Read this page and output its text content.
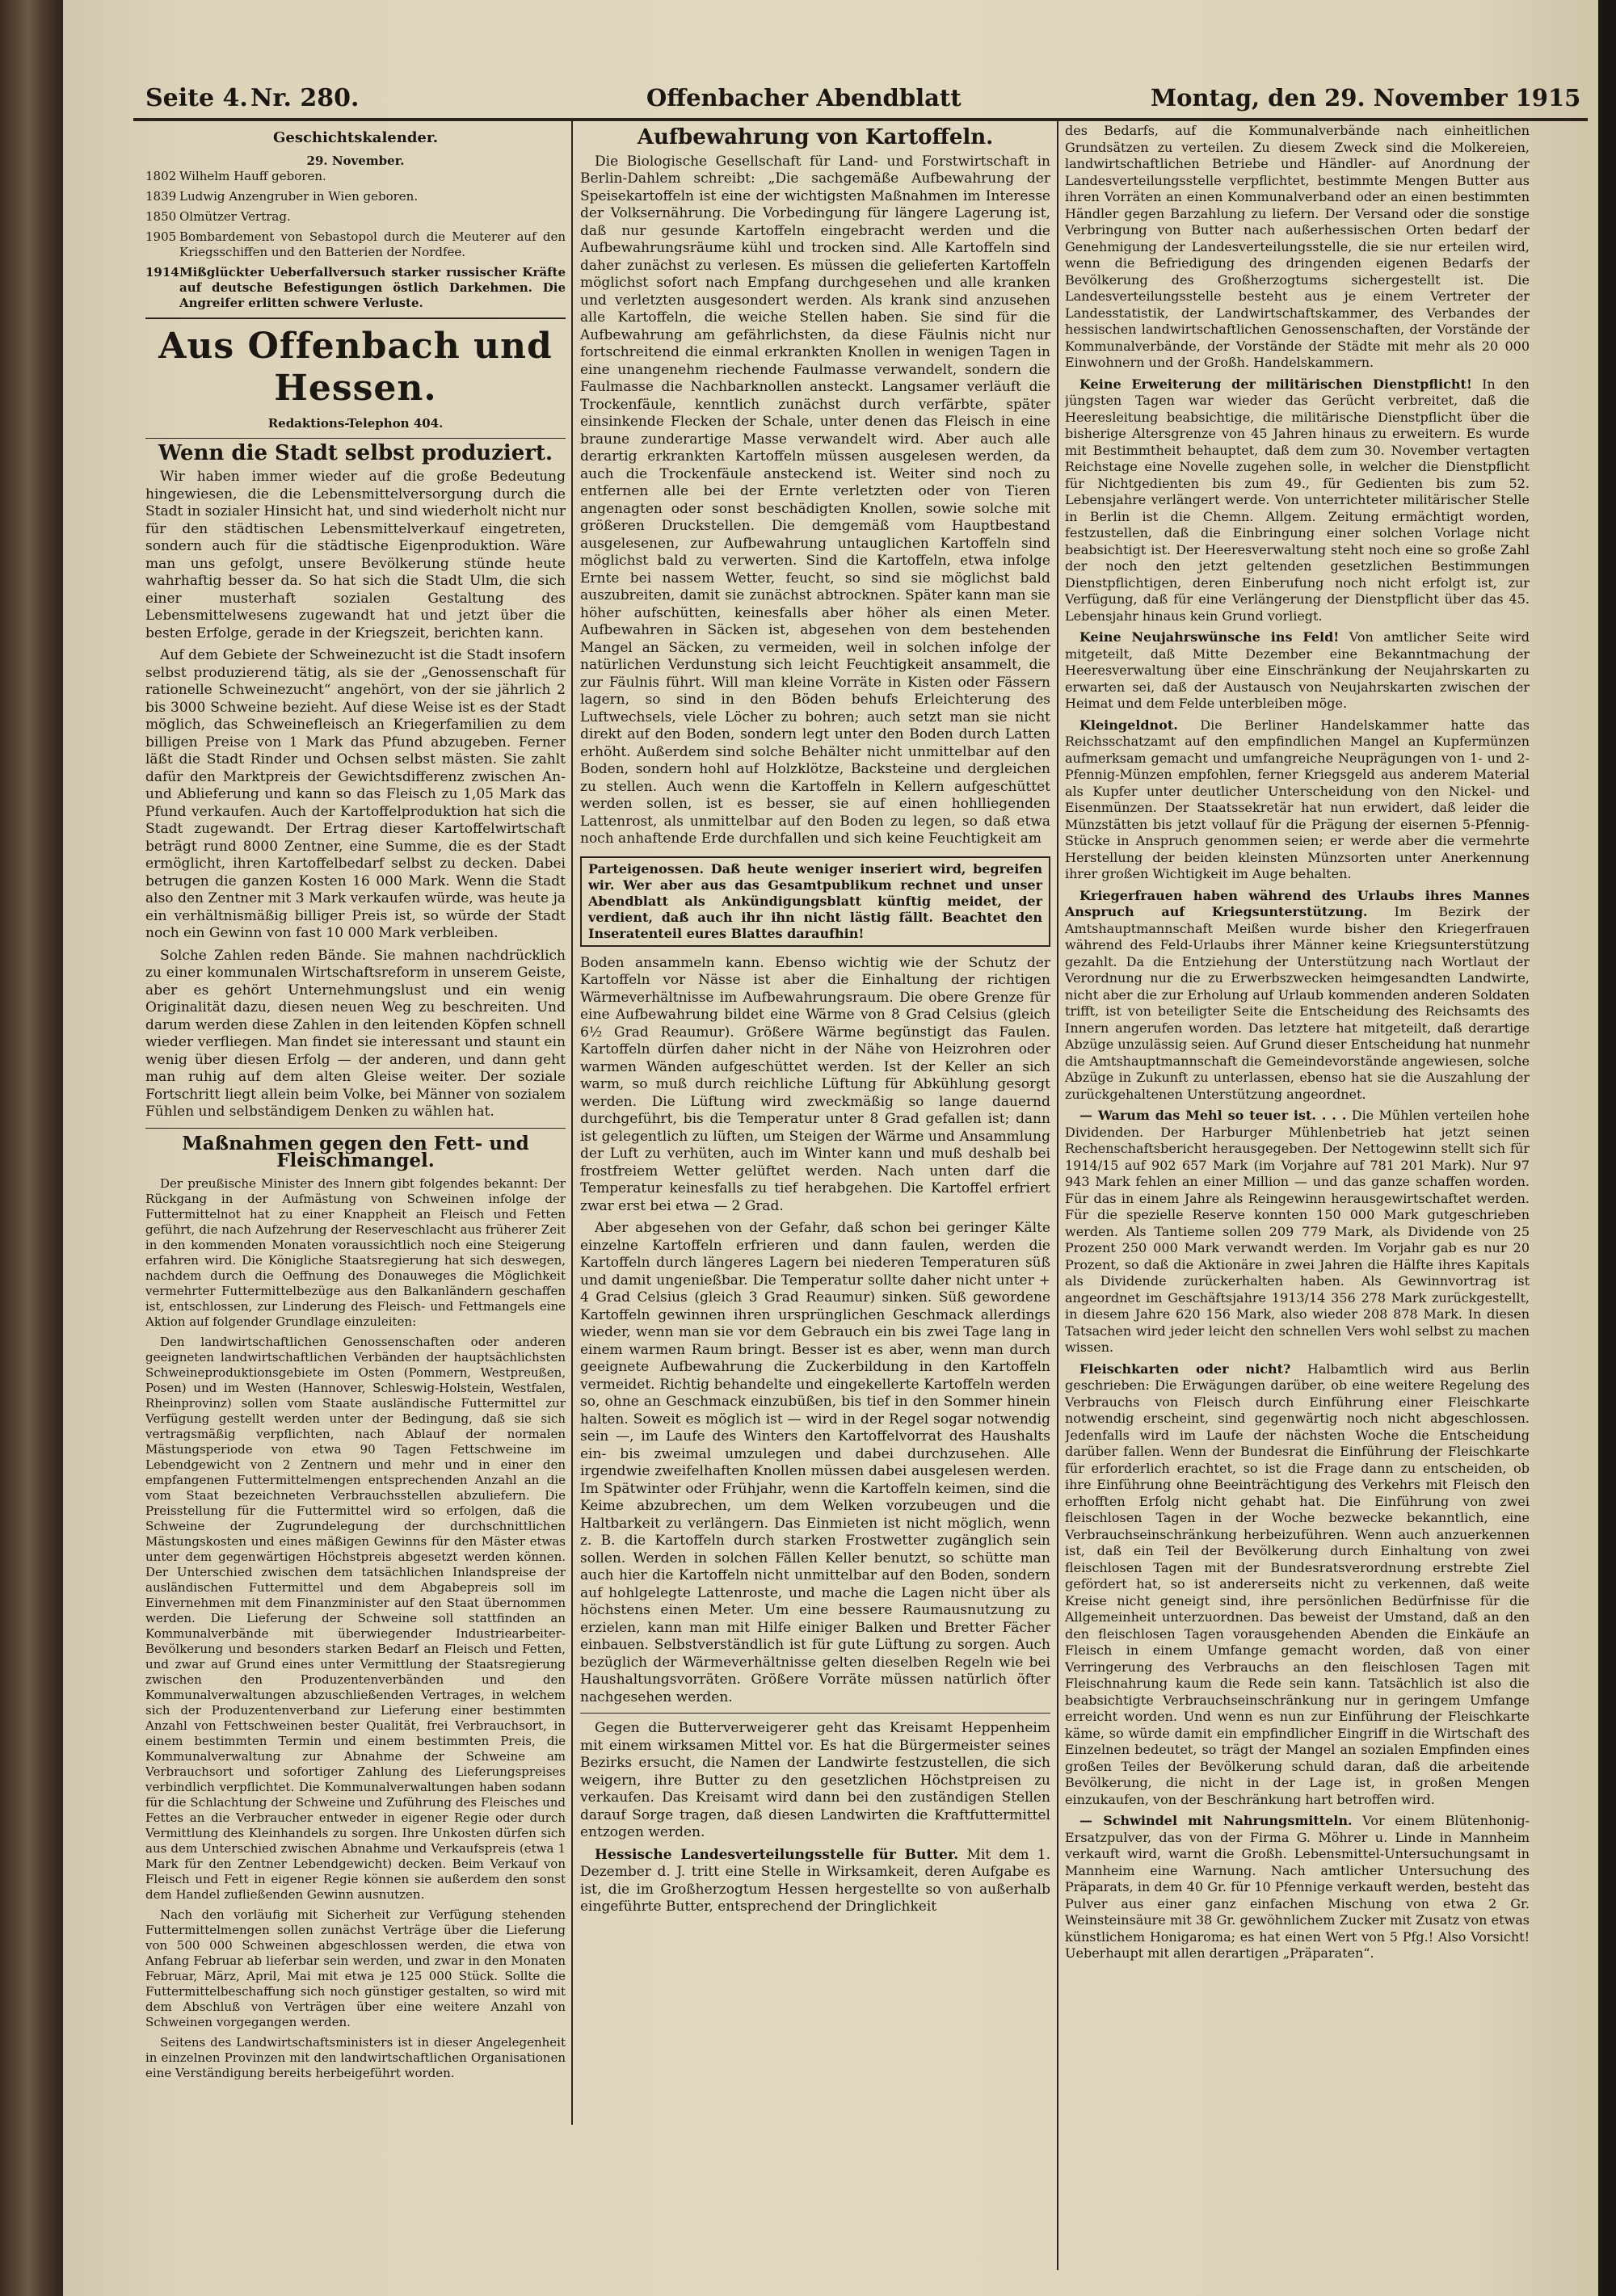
Seite 4. Nr. 280.	Offenbacher Abendblatt	Montag, den 29. November 1915
Geschichtskalender.
29. November.

1802 Wilhelm Hauff geboren.

1839 Ludwig Anzengruber in Wien geboren.

1850 Olmützer Vertrag.

1905 Bombardement von Sebastopol durch die Meuterer auf den Kriegsschiffen und den Batterien der Nordfee.

1914 Mißglückter Ueberfallversuch starker russischer Kräfte auf deutsche Befestigungen östlich Darkehmen. Die Angreifer erlitten schwere Verluste.

Aus Offenbach und Hessen.
Redaktions-Telephon 404.
Wenn die Stadt selbst produziert.

Wir haben immer wieder auf die große Bedeutung hingewiesen, die die Lebensmittelversorgung durch die Stadt in sozialer Hinsicht hat, und sind wiederholt nicht nur für den städtischen Lebensmittelverkauf eingetreten, sondern auch für die städtische Eigenproduktion. Wäre man uns gefolgt, unsere Bevölkerung stünde heute wahrhaftig besser da. So hat sich die Stadt Ulm, die sich einer musterhaft sozialen Gestaltung des Lebensmittelwesens zugewandt hat und jetzt über die besten Erfolge, gerade in der Kriegszeit, berichten kann.

Auf dem Gebiete der Schweinezucht ist die Stadt insofern selbst produzierend tätig, als sie der „Genossenschaft für rationelle Schweinezucht“ angehört, von der sie jährlich 2 bis 3000 Schweine bezieht. Auf diese Weise ist es der Stadt möglich, das Schweinefleisch an Kriegerfamilien zu dem billigen Preise von 1 Mark das Pfund abzugeben. Ferner läßt die Stadt Rinder und Ochsen selbst mästen. Sie zahlt dafür den Marktpreis der Gewichtsdifferenz zwischen An- und Ablieferung und kann so das Fleisch zu 1,05 Mark das Pfund verkaufen. Auch der Kartoffelproduktion hat sich die Stadt zugewandt. Der Ertrag dieser Kartoffelwirtschaft beträgt rund 8000 Zentner, eine Summe, die es der Stadt ermöglicht, ihren Kartoffelbedarf selbst zu decken. Dabei betrugen die ganzen Kosten 16 000 Mark. Wenn die Stadt also den Zentner mit 3 Mark verkaufen würde, was heute ja ein verhältnismäßig billiger Preis ist, so würde der Stadt noch ein Gewinn von fast 10 000 Mark verbleiben.

Solche Zahlen reden Bände. Sie mahnen nachdrücklich zu einer kommunalen Wirtschaftsreform in unserem Geiste, aber es gehört Unternehmungslust und ein wenig Originalität dazu, diesen neuen Weg zu beschreiten. Und darum werden diese Zahlen in den leitenden Köpfen schnell wieder verfliegen. Man findet sie interessant und staunt ein wenig über diesen Erfolg — der anderen, und dann geht man ruhig auf dem alten Gleise weiter. Der soziale Fortschritt liegt allein beim Volke, bei Männer von sozialem Fühlen und selbständigem Denken zu wählen hat.

Maßnahmen gegen den Fett- und Fleischmangel.

Der preußische Minister des Innern gibt folgendes bekannt: Der Rückgang in der Aufmästung von Schweinen infolge der Futtermittelnot hat zu einer Knappheit an Fleisch und Fetten geführt, die nach Aufzehrung der Reserveschlacht aus früherer Zeit in den kommenden Monaten voraussichtlich noch eine Steigerung erfahren wird. Die Königliche Staatsregierung hat sich deswegen, nachdem durch die Oeffnung des Donauweges die Möglichkeit vermehrter Futtermittelbezüge aus den Balkanländern geschaffen ist, entschlossen, zur Linderung des Fleisch- und Fettmangels eine Aktion auf folgender Grundlage einzuleiten:

Den landwirtschaftlichen Genossenschaften oder anderen geeigneten landwirtschaftlichen Verbänden der hauptsächlichsten Schweineproduktionsgebiete im Osten (Pommern, Westpreußen, Posen) und im Westen (Hannover, Schleswig-Holstein, Westfalen, Rheinprovinz) sollen vom Staate ausländische Futtermittel zur Verfügung gestellt werden unter der Bedingung, daß sie sich vertragsmäßig verpflichten, nach Ablauf der normalen Mästungsperiode von etwa 90 Tagen Fettschweine im Lebendgewicht von 2 Zentnern und mehr und in einer den empfangenen Futtermittelmengen entsprechenden Anzahl an die vom Staat bezeichneten Verbrauchsstellen abzuliefern. Die Preisstellung für die Futtermittel wird so erfolgen, daß die Schweine der Zugrundelegung der durchschnittlichen Mästungskosten und eines mäßigen Gewinns für den Mäster etwas unter dem gegenwärtigen Höchstpreis abgesetzt werden können. Der Unterschied zwischen dem tatsächlichen Inlandspreise der ausländischen Futtermittel und dem Abgabepreis soll im Einvernehmen mit dem Finanzminister auf den Staat übernommen werden. Die Lieferung der Schweine soll stattfinden an Kommunalverbände mit überwiegender Industriearbeiter-Bevölkerung und besonders starken Bedarf an Fleisch und Fetten, und zwar auf Grund eines unter Vermittlung der Staatsregierung zwischen den Produzentenverbänden und den Kommunalverwaltungen abzuschließenden Vertrages, in welchem sich der Produzentenverband zur Lieferung einer bestimmten Anzahl von Fettschweinen bester Qualität, frei Verbrauchsort, in einem bestimmten Termin und einem bestimmten Preis, die Kommunalverwaltung zur Abnahme der Schweine am Verbrauchsort und sofortiger Zahlung des Lieferungspreises verbindlich verpflichtet. Die Kommunalverwaltungen haben sodann für die Schlachtung der Schweine und Zuführung des Fleisches und Fettes an die Verbraucher entweder in eigener Regie oder durch Vermittlung des Kleinhandels zu sorgen. Ihre Unkosten dürfen sich aus dem Unterschied zwischen Abnahme und Verkaufspreis (etwa 1 Mark für den Zentner Lebendgewicht) decken. Beim Verkauf von Fleisch und Fett in eigener Regie können sie außerdem den sonst dem Handel zufließenden Gewinn ausnutzen.

Nach den vorläufig mit Sicherheit zur Verfügung stehenden Futtermittelmengen sollen zunächst Verträge über die Lieferung von 500 000 Schweinen abgeschlossen werden, die etwa von Anfang Februar ab lieferbar sein werden, und zwar in den Monaten Februar, März, April, Mai mit etwa je 125 000 Stück. Sollte die Futtermittelbeschaffung sich noch günstiger gestalten, so wird mit dem Abschluß von Verträgen über eine weitere Anzahl von Schweinen vorgegangen werden.

Seitens des Landwirtschaftsministers ist in dieser Angelegenheit in einzelnen Provinzen mit den landwirtschaftlichen Organisationen eine Verständigung bereits herbeigeführt worden.

Aufbewahrung von Kartoffeln.

Die Biologische Gesellschaft für Land- und Forstwirtschaft in Berlin-Dahlem schreibt: „Die sachgemäße Aufbewahrung der Speisekartoffeln ist eine der wichtigsten Maßnahmen im Interesse der Volksernährung. Die Vorbedingung für längere Lagerung ist, daß nur gesunde Kartoffeln eingebracht werden und die Aufbewahrungsräume kühl und trocken sind. Alle Kartoffeln sind daher zunächst zu verlesen. Es müssen die gelieferten Kartoffeln möglichst sofort nach Empfang durchgesehen und alle kranken und verletzten ausgesondert werden. Als krank sind anzusehen alle Kartoffeln, die weiche Stellen haben. Sie sind für die Aufbewahrung am gefährlichsten, da diese Fäulnis nicht nur fortschreitend die einmal erkrankten Knollen in wenigen Tagen in eine unangenehm riechende Faulmasse verwandelt, sondern die Faulmasse die Nachbarknollen ansteckt. Langsamer verläuft die Trockenfäule, kenntlich zunächst durch verfärbte, später einsinkende Flecken der Schale, unter denen das Fleisch in eine braune zunderartige Masse verwandelt wird. Aber auch alle derartig erkrankten Kartoffeln müssen ausgelesen werden, da auch die Trockenfäule ansteckend ist. Weiter sind noch zu entfernen alle bei der Ernte verletzten oder von Tieren angenagten oder sonst beschädigten Knollen, sowie solche mit größeren Druckstellen. Die demgemäß vom Hauptbestand ausgelesenen, zur Aufbewahrung untauglichen Kartoffeln sind möglichst bald zu verwerten. Sind die Kartoffeln, etwa infolge Ernte bei nassem Wetter, feucht, so sind sie möglichst bald auszubreiten, damit sie zunächst abtrocknen. Später kann man sie höher aufschütten, keinesfalls aber höher als einen Meter. Aufbewahren in Säcken ist, abgesehen von dem bestehenden Mangel an Säcken, zu vermeiden, weil in solchen infolge der natürlichen Verdunstung sich leicht Feuchtigkeit ansammelt, die zur Fäulnis führt. Will man kleine Vorräte in Kisten oder Fässern lagern, so sind in den Böden behufs Erleichterung des Luftwechsels, viele Löcher zu bohren; auch setzt man sie nicht direkt auf den Boden, sondern legt unter den Boden durch Latten erhöht. Außerdem sind solche Behälter nicht unmittelbar auf den Boden, sondern hohl auf Holzklötze, Backsteine und dergleichen zu stellen. Auch wenn die Kartoffeln in Kellern aufgeschüttet werden sollen, ist es besser, sie auf einen hohlliegenden Lattenrost, als unmittelbar auf den Boden zu legen, so daß etwa noch anhaftende Erde durchfallen und sich keine Feuchtigkeit am

Parteigenossen. Daß heute weniger inseriert wird, begreifen wir. Wer aber aus das Gesamtpublikum rechnet und unser Abendblatt als Ankündigungsblatt künftig meidet, der verdient, daß auch ihr ihn nicht lästig fällt. Beachtet den Inseratenteil eures Blattes daraufhin!

Boden ansammeln kann. Ebenso wichtig wie der Schutz der Kartoffeln vor Nässe ist aber die Einhaltung der richtigen Wärmeverhältnisse im Aufbewahrungsraum. Die obere Grenze für eine Aufbewahrung bildet eine Wärme von 8 Grad Celsius (gleich 6½ Grad Reaumur). Größere Wärme begünstigt das Faulen. Kartoffeln dürfen daher nicht in der Nähe von Heizrohren oder warmen Wänden aufgeschüttet werden. Ist der Keller an sich warm, so muß durch reichliche Lüftung für Abkühlung gesorgt werden. Die Lüftung wird zweckmäßig so lange dauernd durchgeführt, bis die Temperatur unter 8 Grad gefallen ist; dann ist gelegentlich zu lüften, um Steigen der Wärme und Ansammlung der Luft zu verhüten, auch im Winter kann und muß deshalb bei frostfreiem Wetter gelüftet werden. Nach unten darf die Temperatur keinesfalls zu tief herabgehen. Die Kartoffel erfriert zwar erst bei etwa — 2 Grad.

Aber abgesehen von der Gefahr, daß schon bei geringer Kälte einzelne Kartoffeln erfrieren und dann faulen, werden die Kartoffeln durch längeres Lagern bei niederen Temperaturen süß und damit ungenießbar. Die Temperatur sollte daher nicht unter + 4 Grad Celsius (gleich 3 Grad Reaumur) sinken. Süß gewordene Kartoffeln gewinnen ihren ursprünglichen Geschmack allerdings wieder, wenn man sie vor dem Gebrauch ein bis zwei Tage lang in einem warmen Raum bringt. Besser ist es aber, wenn man durch geeignete Aufbewahrung die Zuckerbildung in den Kartoffeln vermeidet. Richtig behandelte und eingekellerte Kartoffeln werden so, ohne an Geschmack einzubüßen, bis tief in den Sommer hinein halten. Soweit es möglich ist — wird in der Regel sogar notwendig sein —, im Laufe des Winters den Kartoffelvorrat des Haushalts ein- bis zweimal umzulegen und dabei durchzusehen. Alle irgendwie zweifelhaften Knollen müssen dabei ausgelesen werden. Im Spätwinter oder Frühjahr, wenn die Kartoffeln keimen, sind die Keime abzubrechen, um dem Welken vorzubeugen und die Haltbarkeit zu verlängern. Das Einmieten ist nicht möglich, wenn z. B. die Kartoffeln durch starken Frostwetter zugänglich sein sollen. Werden in solchen Fällen Keller benutzt, so schütte man auch hier die Kartoffeln nicht unmittelbar auf den Boden, sondern auf hohlgelegte Lattenroste, und mache die Lagen nicht über als höchstens einen Meter. Um eine bessere Raumausnutzung zu erzielen, kann man mit Hilfe einiger Balken und Bretter Fächer einbauen. Selbstverständlich ist für gute Lüftung zu sorgen. Auch bezüglich der Wärmeverhältnisse gelten dieselben Regeln wie bei Haushaltungsvorräten. Größere Vorräte müssen natürlich öfter nachgesehen werden.

Gegen die Butterverweigerer geht das Kreisamt Heppenheim mit einem wirksamen Mittel vor. Es hat die Bürgermeister seines Bezirks ersucht, die Namen der Landwirte festzustellen, die sich weigern, ihre Butter zu den gesetzlichen Höchstpreisen zu verkaufen. Das Kreisamt wird dann bei den zuständigen Stellen darauf Sorge tragen, daß diesen Landwirten die Kraftfuttermittel entzogen werden.

Hessische Landesverteilungsstelle für Butter. Mit dem 1. Dezember d. J. tritt eine Stelle in Wirksamkeit, deren Aufgabe es ist, die im Großherzogtum Hessen hergestellte so von außerhalb eingeführte Butter, entsprechend der Dringlichkeit

des Bedarfs, auf die Kommunalverbände nach einheitlichen Grundsätzen zu verteilen. Zu diesem Zweck sind die Molkereien, landwirtschaftlichen Betriebe und Händler- auf Anordnung der Landesverteilungsstelle verpflichtet, bestimmte Mengen Butter aus ihren Vorräten an einen Kommunalverband oder an einen bestimmten Händler gegen Barzahlung zu liefern. Der Versand oder die sonstige Verbringung von Butter nach außerhessischen Orten bedarf der Genehmigung der Landesverteilungsstelle, die sie nur erteilen wird, wenn die Befriedigung des dringenden eigenen Bedarfs der Bevölkerung des Großherzogtums sichergestellt ist. Die Landesverteilungsstelle besteht aus je einem Vertreter der Landesstatistik, der Landwirtschaftskammer, des Verbandes der hessischen landwirtschaftlichen Genossenschaften, der Vorstände der Kommunalverbände, der Vorstände der Städte mit mehr als 20 000 Einwohnern und der Großh. Handelskammern.

Keine Erweiterung der militärischen Dienstpflicht! In den jüngsten Tagen war wieder das Gerücht verbreitet, daß die Heeresleitung beabsichtige, die militärische Dienstpflicht über die bisherige Altersgrenze von 45 Jahren hinaus zu erweitern. Es wurde mit Bestimmtheit behauptet, daß dem zum 30. November vertagten Reichstage eine Novelle zugehen solle, in welcher die Dienstpflicht für Nichtgedienten bis zum 49., für Gedienten bis zum 52. Lebensjahre verlängert werde. Von unterrichteter militärischer Stelle in Berlin ist die Chemn. Allgem. Zeitung ermächtigt worden, festzustellen, daß die Einbringung einer solchen Vorlage nicht beabsichtigt ist. Der Heeresverwaltung steht noch eine so große Zahl der noch den jetzt geltenden gesetzlichen Bestimmungen Dienstpflichtigen, deren Einberufung noch nicht erfolgt ist, zur Verfügung, daß für eine Verlängerung der Dienstpflicht über das 45. Lebensjahr hinaus kein Grund vorliegt.

Keine Neujahrswünsche ins Feld! Von amtlicher Seite wird mitgeteilt, daß Mitte Dezember eine Bekanntmachung der Heeresverwaltung über eine Einschränkung der Neujahrskarten zu erwarten sei, daß der Austausch von Neujahrskarten zwischen der Heimat und dem Felde unterbleiben möge.

Kleingeldnot. Die Berliner Handelskammer hatte das Reichsschatzamt auf den empfindlichen Mangel an Kupfermünzen aufmerksam gemacht und umfangreiche Neuprägungen von 1- und 2-Pfennig-Münzen empfohlen, ferner Kriegsgeld aus anderem Material als Kupfer unter deutlicher Unterscheidung von den Nickel- und Eisenmünzen. Der Staatssekretär hat nun erwidert, daß leider die Münzstätten bis jetzt vollauf für die Prägung der eisernen 5-Pfennig-Stücke in Anspruch genommen seien; er werde aber die vermehrte Herstellung der beiden kleinsten Münzsorten unter Anerkennung ihrer großen Wichtigkeit im Auge behalten.

Kriegerfrauen haben während des Urlaubs ihres Mannes Anspruch auf Kriegsunterstützung. Im Bezirk der Amtshauptmannschaft Meißen wurde bisher den Kriegerfrauen während des Feld-Urlaubs ihrer Männer keine Kriegsunterstützung gezahlt. Da die Entziehung der Unterstützung nach Wortlaut der Verordnung nur die zu Erwerbszwecken heimgesandten Landwirte, nicht aber die zur Erholung auf Urlaub kommenden anderen Soldaten trifft, ist von beteiligter Seite die Entscheidung des Reichsamts des Innern angerufen worden. Das letztere hat mitgeteilt, daß derartige Abzüge unzulässig seien. Auf Grund dieser Entscheidung hat nunmehr die Amtshauptmannschaft die Gemeindevorstände angewiesen, solche Abzüge in Zukunft zu unterlassen, ebenso hat sie die Auszahlung der zurückgehaltenen Unterstützung angeordnet.

— Warum das Mehl so teuer ist. . . . Die Mühlen verteilen hohe Dividenden. Der Harburger Mühlenbetrieb hat jetzt seinen Rechenschaftsbericht herausgegeben. Der Nettogewinn stellt sich für 1914/15 auf 902 657 Mark (im Vorjahre auf 781 201 Mark). Nur 97 943 Mark fehlen an einer Million — und das ganze schaffen worden. Für das in einem Jahre als Reingewinn herausgewirtschaftet werden. Für die spezielle Reserve konnten 150 000 Mark gutgeschrieben werden. Als Tantieme sollen 209 779 Mark, als Dividende von 25 Prozent 250 000 Mark verwandt werden. Im Vorjahr gab es nur 20 Prozent, so daß die Aktionäre in zwei Jahren die Hälfte ihres Kapitals als Dividende zurückerhalten haben. Als Gewinnvortrag ist angeordnet im Geschäftsjahre 1913/14 356 278 Mark zurückgestellt, in diesem Jahre 620 156 Mark, also wieder 208 878 Mark. In diesen Tatsachen wird jeder leicht den schnellen Vers wohl selbst zu machen wissen.

Fleischkarten oder nicht? Halbamtlich wird aus Berlin geschrieben: Die Erwägungen darüber, ob eine weitere Regelung des Verbrauchs von Fleisch durch Einführung einer Fleischkarte notwendig erscheint, sind gegenwärtig noch nicht abgeschlossen. Jedenfalls wird im Laufe der nächsten Woche die Entscheidung darüber fallen. Wenn der Bundesrat die Einführung der Fleischkarte für erforderlich erachtet, so ist die Frage dann zu entscheiden, ob ihre Einführung ohne Beeinträchtigung des Verkehrs mit Fleisch den erhofften Erfolg nicht gehabt hat. Die Einführung von zwei fleischlosen Tagen in der Woche bezwecke bekanntlich, eine Verbrauchseinschränkung herbeizuführen. Wenn auch anzuerkennen ist, daß ein Teil der Bevölkerung durch Einhaltung von zwei fleischlosen Tagen mit der Bundesratsverordnung erstrebte Ziel gefördert hat, so ist andererseits nicht zu verkennen, daß weite Kreise nicht geneigt sind, ihre persönlichen Bedürfnisse für die Allgemeinheit unterzuordnen. Das beweist der Umstand, daß an den den fleischlosen Tagen vorausgehenden Abenden die Einkäufe an Fleisch in einem Umfange gemacht worden, daß von einer Verringerung des Verbrauchs an den fleischlosen Tagen mit Fleischnahrung kaum die Rede sein kann. Tatsächlich ist also die beabsichtigte Verbrauchseinschränkung nur in geringem Umfange erreicht worden. Und wenn es nun zur Einführung der Fleischkarte käme, so würde damit ein empfindlicher Eingriff in die Wirtschaft des Einzelnen bedeutet, so trägt der Mangel an sozialen Empfinden eines großen Teiles der Bevölkerung schuld daran, daß die arbeitende Bevölkerung, die nicht in der Lage ist, in großen Mengen einzukaufen, von der Beschränkung hart betroffen wird.

— Schwindel mit Nahrungsmitteln. Vor einem Blütenhonig-Ersatzpulver, das von der Firma G. Möhrer u. Linde in Mannheim verkauft wird, warnt die Großh. Lebensmittel-Untersuchungsamt in Mannheim eine Warnung. Nach amtlicher Untersuchung des Präparats, in dem 40 Gr. für 10 Pfennige verkauft werden, besteht das Pulver aus einer ganz einfachen Mischung von etwa 2 Gr. Weinsteinsäure mit 38 Gr. gewöhnlichem Zucker mit Zusatz von etwas künstlichem Honigaroma; es hat einen Wert von 5 Pfg.! Also Vorsicht! Ueberhaupt mit allen derartigen „Präparaten“.
